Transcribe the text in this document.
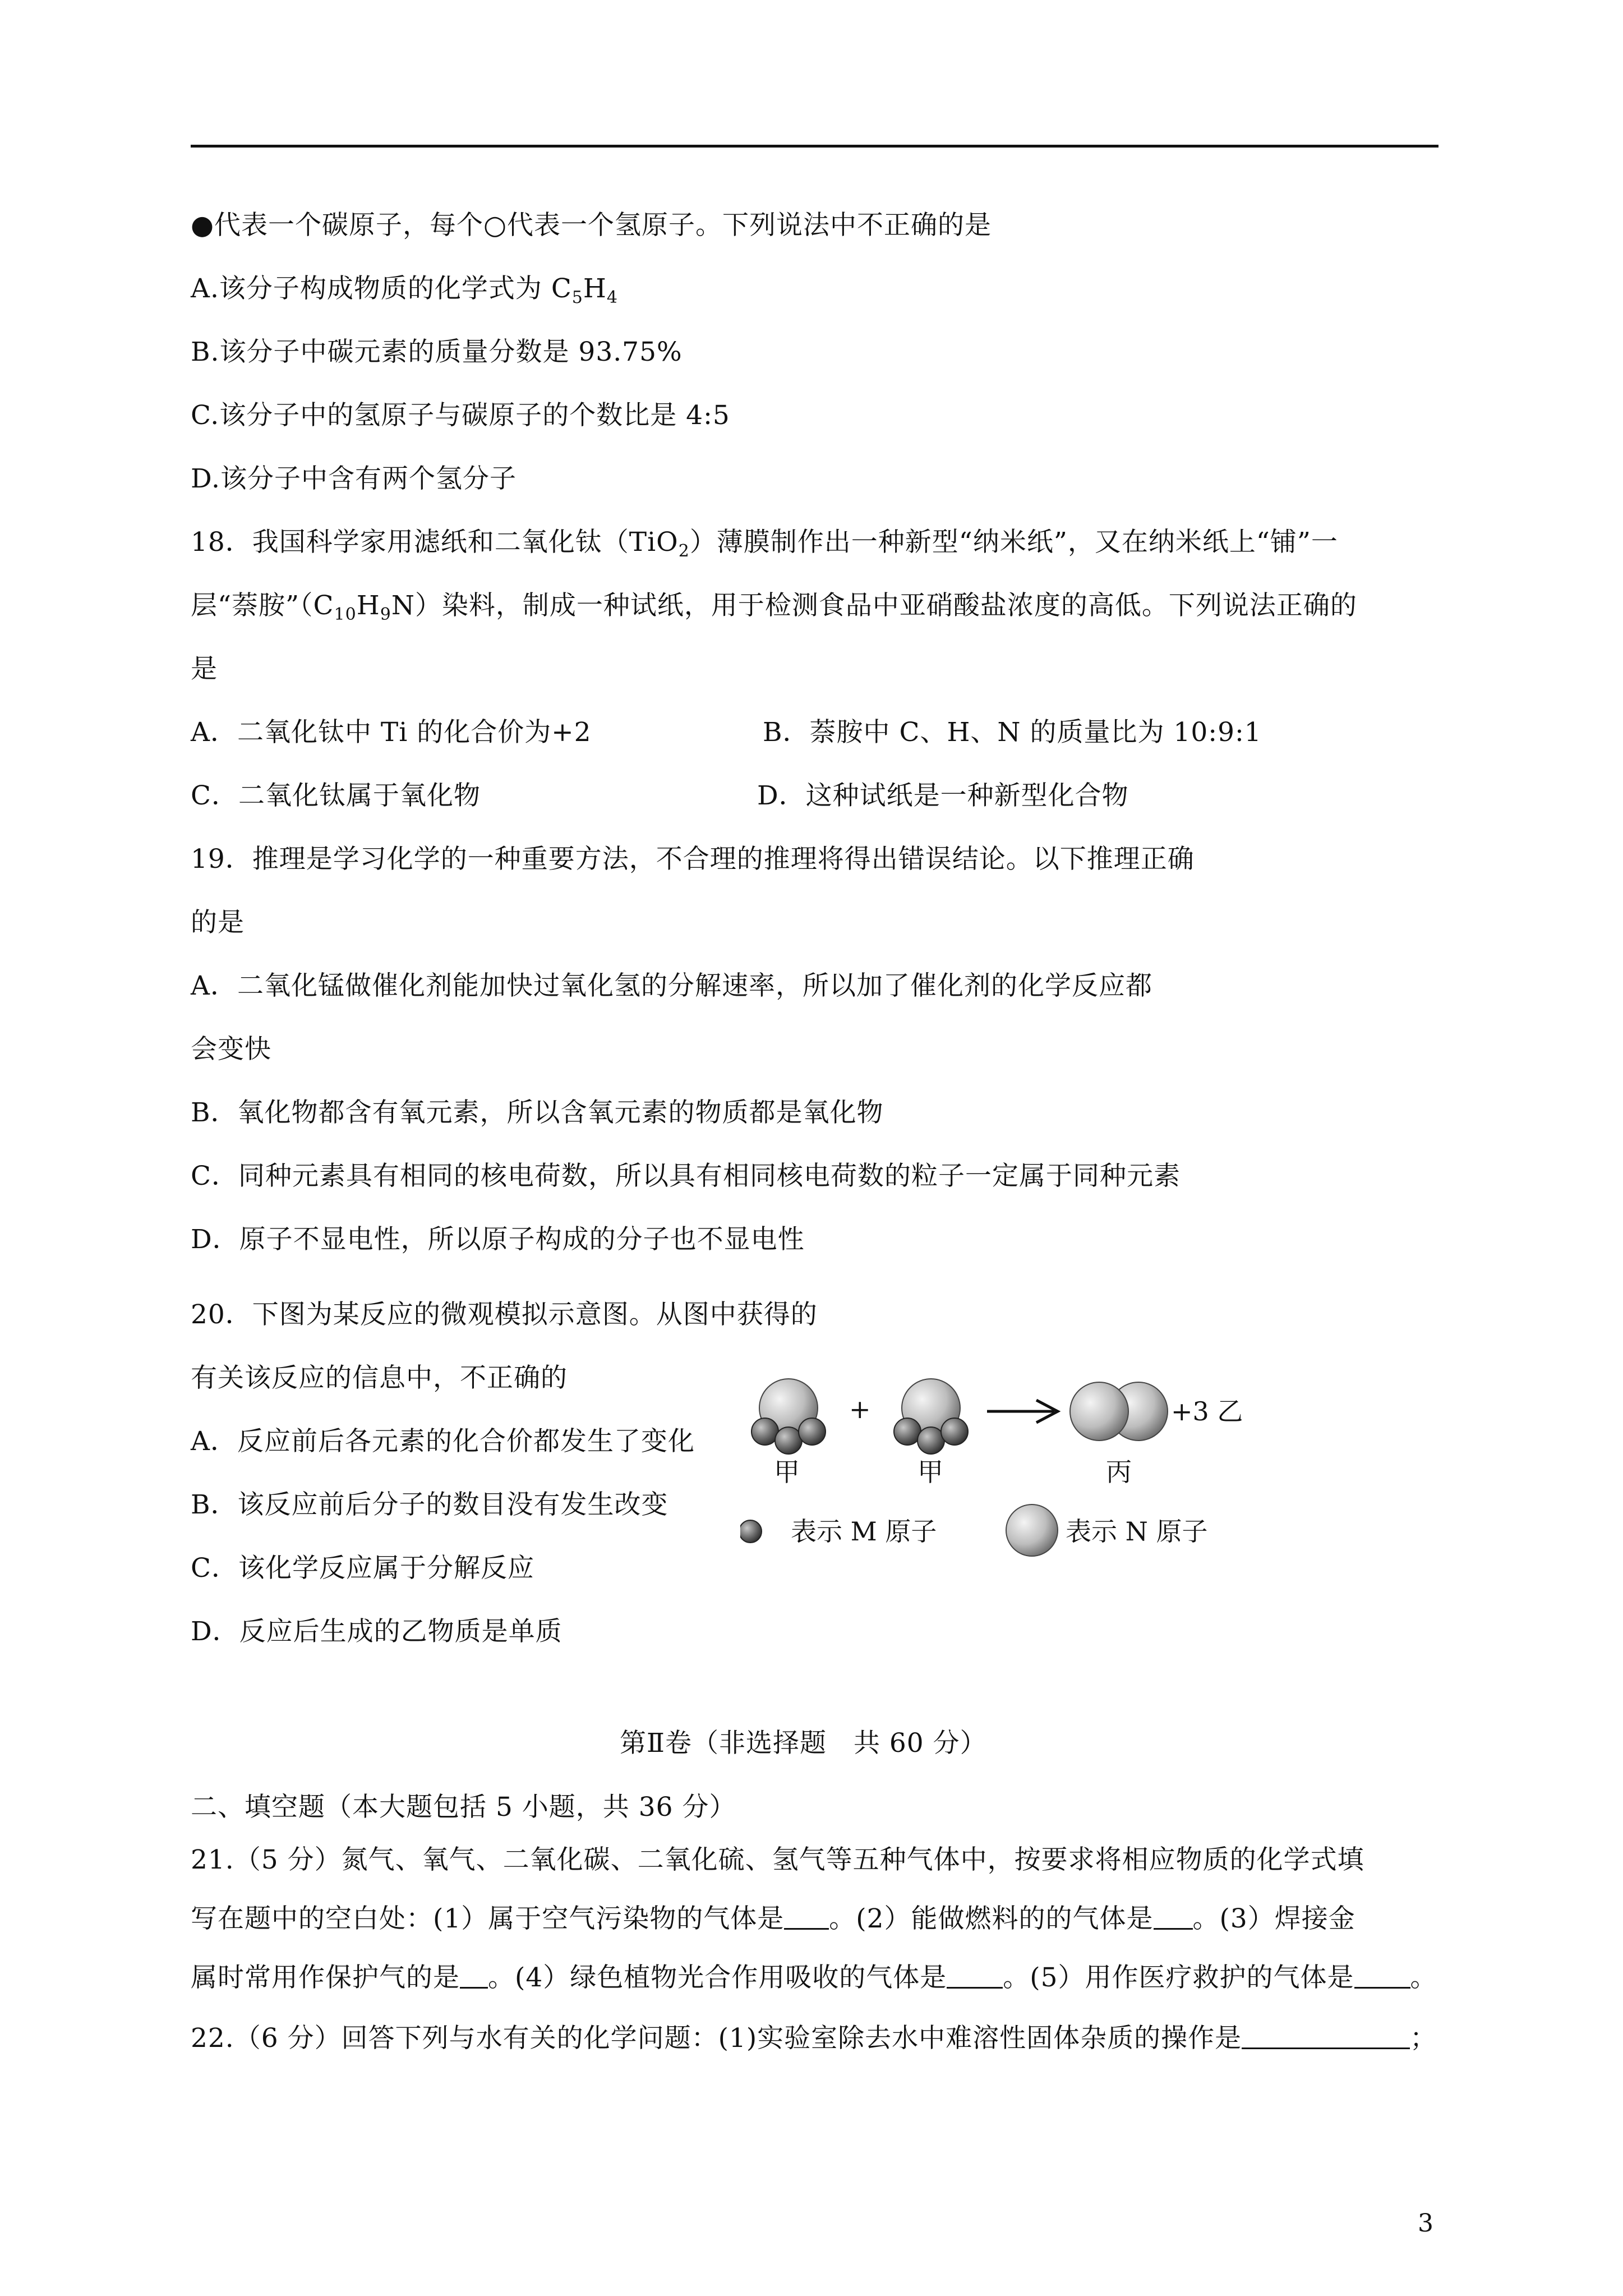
●代表一个碳原子，每个○代表一个氢原子。下列说法中不正确的是
A.该分子构成物质的化学式为 $C_5H_4$
B.该分子中碳元素的质量分数是 93.75%
C.该分子中的氢原子与碳原子的个数比是 4:5
D.该分子中含有两个氢分子
18．我国科学家用滤纸和二氧化钛（TiO$_2$）薄膜制作出一种新型“纳米纸”，又在纳米纸上“铺”一
层“萘胺$”(C_{10}H_9N)$染料，制成一种试纸，用于检测食品中亚硝酸盐浓度的高低。下列说法正确的
是
A．二氧化钛中 Ti 的化合价为+2	B．萘胺中 C、H、N 的质量比为 10:9:1
C．二氧化钛属于氧化物	D．这种试纸是一种新型化合物
19．推理是学习化学的一种重要方法，不合理的推理将得出错误结论。以下推理正确
的是
A．二氧化锰做催化剂能加快过氧化氢的分解速率，所以加了催化剂的化学反应都
会变快
B．氧化物都含有氧元素，所以含氧元素的物质都是氧化物
C．同种元素具有相同的核电荷数，所以具有相同核电荷数的粒子一定属于同种元素
D．原子不显电性，所以原子构成的分子也不显电性
20．下图为某反应的微观模拟示意图。从图中获得的
有关该反应的信息中，不正确的
A．反应前后各元素的化合价都发生了变化
B．该反应前后分子的数目没有发生改变
C．该化学反应属于分解反应
D．反应后生成的乙物质是单质
+	+3 乙
甲	甲	丙
表示 M 原子	表示 N 原子
第Ⅱ卷（非选择题　共 60 分）
二、填空题（本大题包括 5 小题，共 36 分）
21.（5 分）氮气、氧气、二氧化碳、二氧化硫、氢气等五种气体中，按要求将相应物质的化学式填
写在题中的空白处：(1）属于空气污染物的气体是 。(2）能做燃料的的气体是 。(3）焊接金
属时常用作保护气的是 。(4）绿色植物光合作用吸收的气体是 。(5）用作医疗救护的气体是 。
22.（6 分）回答下列与水有关的化学问题：(1)实验室除去水中难溶性固体杂质的操作是	；
3
